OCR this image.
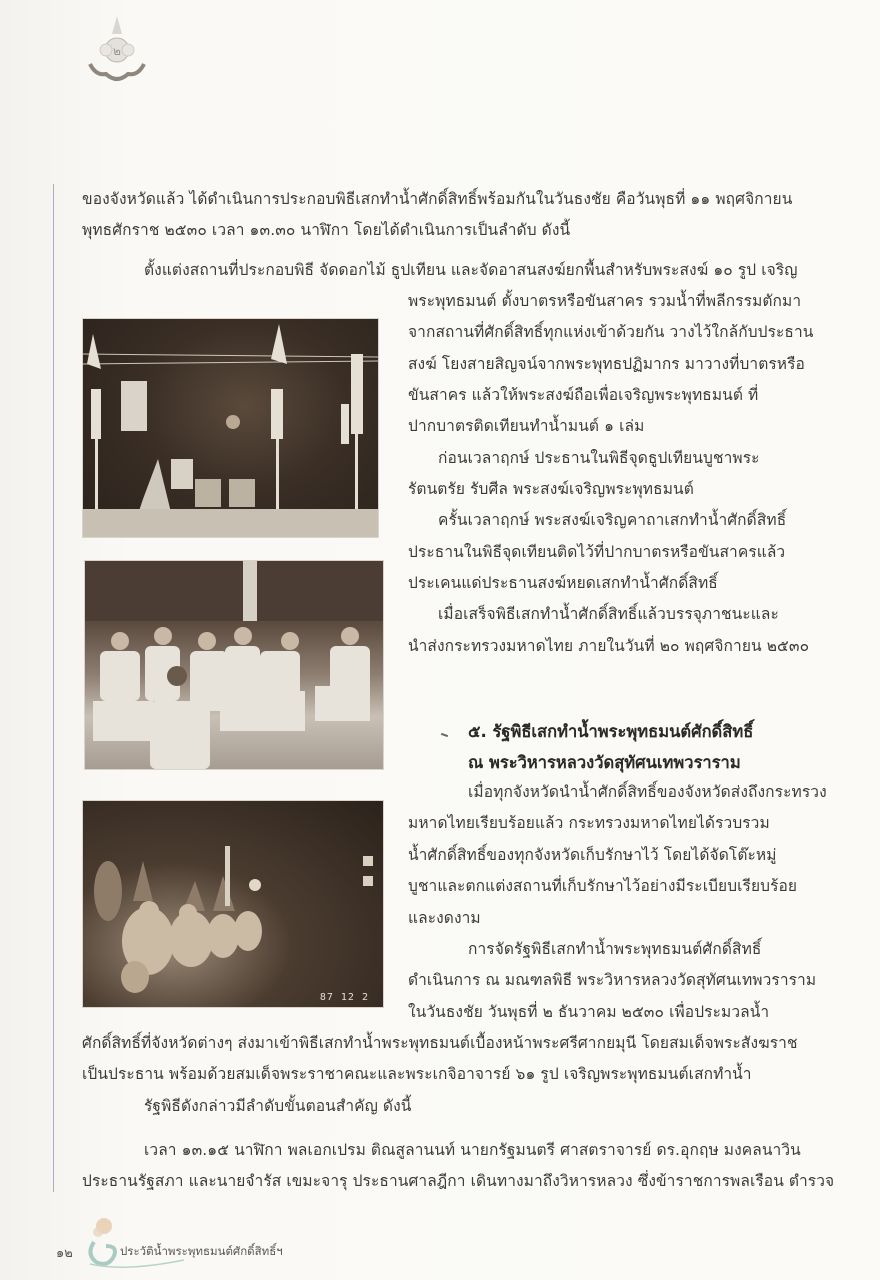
๒
ของจังหวัดแล้ว ได้ดำเนินการประกอบพิธีเสกทำน้ำศักดิ์สิทธิ์พร้อมกันในวันธงชัย คือวันพุธที่ ๑๑ พฤศจิกายน
พุทธศักราช ๒๕๓๐ เวลา ๑๓.๓๐ นาฬิกา โดยได้ดำเนินการเป็นลำดับ ดังนี้
ตั้งแต่งสถานที่ประกอบพิธี จัดดอกไม้ ธูปเทียน และจัดอาสนสงฆ์ยกพื้นสำหรับพระสงฆ์ ๑๐ รูป เจริญ
พระพุทธมนต์ ตั้งบาตรหรือขันสาคร รวมน้ำที่พลีกรรมตักมา
จากสถานที่ศักดิ์สิทธิ์ทุกแห่งเข้าด้วยกัน วางไว้ใกล้กับประธาน
สงฆ์ โยงสายสิญจน์จากพระพุทธปฏิมากร มาวางที่บาตรหรือ
ขันสาคร แล้วให้พระสงฆ์ถือเพื่อเจริญพระพุทธมนต์ ที่
ปากบาตรติดเทียนทำน้ำมนต์ ๑ เล่ม
ก่อนเวลาฤกษ์ ประธานในพิธีจุดธูปเทียนบูชาพระ
รัตนตรัย รับศีล พระสงฆ์เจริญพระพุทธมนต์
ครั้นเวลาฤกษ์ พระสงฆ์เจริญคาถาเสกทำน้ำศักดิ์สิทธิ์
ประธานในพิธีจุดเทียนติดไว้ที่ปากบาตรหรือขันสาครแล้ว
ประเคนแด่ประธานสงฆ์หยดเสกทำน้ำศักดิ์สิทธิ์
เมื่อเสร็จพิธีเสกทำน้ำศักดิ์สิทธิ์แล้วบรรจุภาชนะและ
นำส่งกระทรวงมหาดไทย ภายในวันที่ ๒๐ พฤศจิกายน ๒๕๓๐
๕. รัฐพิธีเสกทำน้ำพระพุทธมนต์ศักดิ์สิทธิ์
ณ พระวิหารหลวงวัดสุทัศนเทพวราราม
เมื่อทุกจังหวัดนำน้ำศักดิ์สิทธิ์ของจังหวัดส่งถึงกระทรวง
มหาดไทยเรียบร้อยแล้ว กระทรวงมหาดไทยได้รวบรวม
น้ำศักดิ์สิทธิ์ของทุกจังหวัดเก็บรักษาไว้ โดยได้จัดโต๊ะหมู่
บูชาและตกแต่งสถานที่เก็บรักษาไว้อย่างมีระเบียบเรียบร้อย
และงดงาม
การจัดรัฐพิธีเสกทำน้ำพระพุทธมนต์ศักดิ์สิทธิ์
ดำเนินการ ณ มณฑลพิธี พระวิหารหลวงวัดสุทัศนเทพวราราม
ในวันธงชัย วันพุธที่ ๒ ธันวาคม ๒๕๓๐ เพื่อประมวลน้ำ
ศักดิ์สิทธิ์ที่จังหวัดต่างๆ ส่งมาเข้าพิธีเสกทำน้ำพระพุทธมนต์เบื้องหน้าพระศรีศากยมุนี โดยสมเด็จพระสังฆราช
เป็นประธาน พร้อมด้วยสมเด็จพระราชาคณะและพระเกจิอาจารย์ ๖๑ รูป เจริญพระพุทธมนต์เสกทำน้ำ
รัฐพิธีดังกล่าวมีลำดับขั้นตอนสำคัญ ดังนี้
เวลา ๑๓.๑๕ นาฬิกา พลเอกเปรม ติณสูลานนท์ นายกรัฐมนตรี ศาสตราจารย์ ดร.อุกฤษ มงคลนาวิน
ประธานรัฐสภา และนายจำรัส เขมะจารุ ประธานศาลฎีกา เดินทางมาถึงวิหารหลวง ซึ่งข้าราชการพลเรือน ตำรวจ
87 12 2
๑๒	ประวัติน้ำพระพุทธมนต์ศักดิ์สิทธิ์ฯ
